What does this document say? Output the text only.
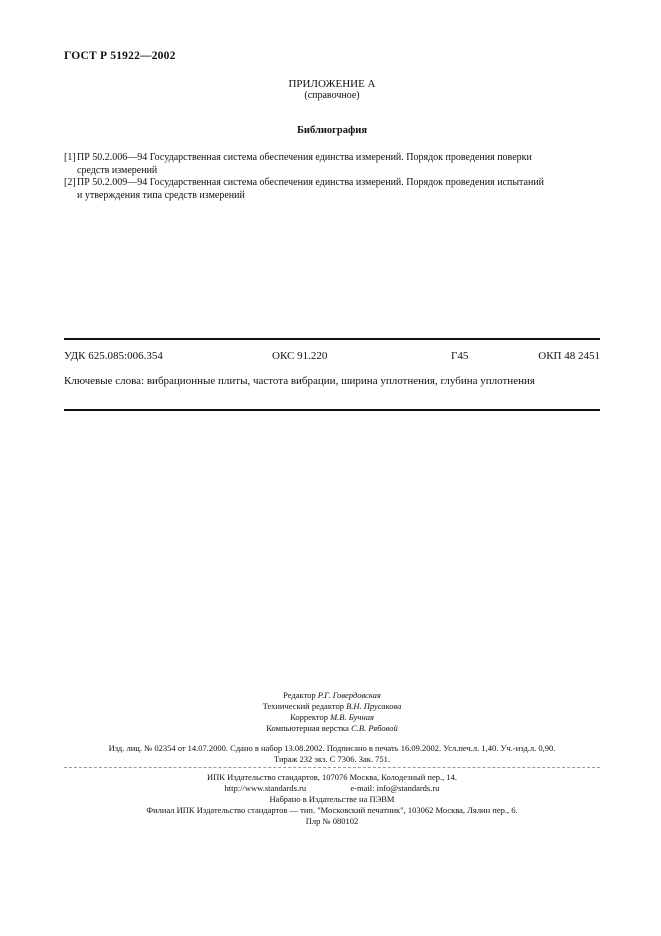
ГОСТ Р 51922—2002
ПРИЛОЖЕНИЕ А
(справочное)
Библиография
[1] ПР 50.2.006—94 Государственная система обеспечения единства измерений. Порядок проведения поверки
средств измерений
[2] ПР 50.2.009—94 Государственная система обеспечения единства измерений. Порядок проведения испытаний
и утверждения типа средств измерений
УДК 625.085:006.354	ОКС 91.220	Г45	ОКП 48 2451
Ключевые слова: вибрационные плиты, частота вибрации, ширина уплотнения, глубина уплотнения
Редактор Р.Г. Говердовская
Технический редактор В.Н. Прусакова
Корректор М.В. Бучная
Компьютерная верстка С.В. Рябовой
Изд. лиц. № 02354 от 14.07.2000. Сдано в набор 13.08.2002. Подписано в печать 16.09.2002. Усл.печ.л. 1,40. Уч.-изд.л. 0,90.
Тираж 232 экз. С 7306. Зак. 751.
ИПК Издательство стандартов, 107076 Москва, Колодезный пер., 14.
http://www.standards.ru	e-mail: info@standards.ru
Набрано в Издательстве на ПЭВМ
Филиал ИПК Издательство стандартов — тип. "Московский печатник", 103062 Москва, Лялин пер., 6.
Плр № 080102
